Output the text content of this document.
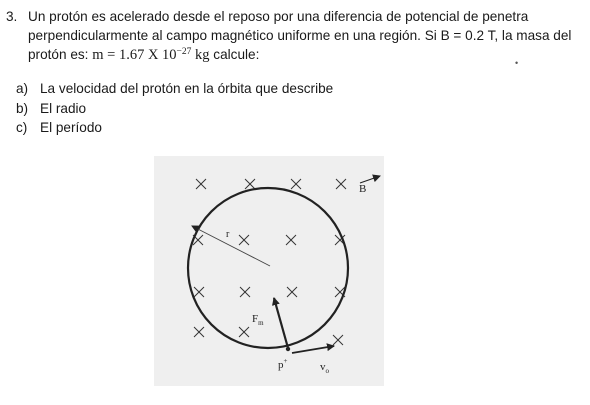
3. Un protón es acelerado desde el reposo por una diferencia de potencial de penetra perpendicularmente al campo magnético uniforme en una región. Si B = 0.2 T, la masa del protón es: m = 1.67 X $10^{-27}$ kg calcule:
•
a) La velocidad del protón en la órbita que describe
b) El radio
c) El período
r
B
$F_m$
$v_o$
p+
